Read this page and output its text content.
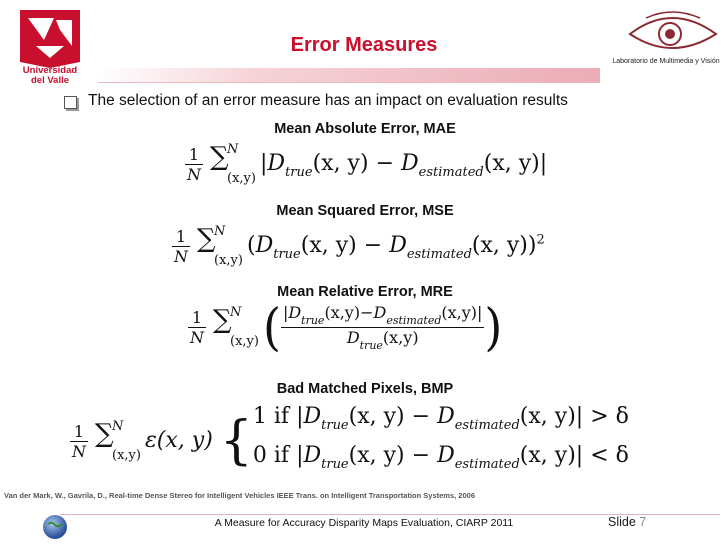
Universidad
del Valle
Laboratorio de Multimedia y Visión
Error Measures
The selection of an error measure has an impact on evaluation results
Mean Absolute Error, MAE
$\frac{1}{N}$ ∑
N
(x,y)
$|D_{true}(x$, $y) - D_{estimated}(x$, y)|
Mean Squared Error, MSE
$\frac{1}{N}$ ∑
N
(x,y)
($D_{true}(x$, $y) - D_{estimated}(x$, y))$^2$
Mean Relative Error, MRE
$\frac{1}{N}$ ∑
N
(x,y) ( $\frac{|D_{true}(x,y)-D_{estimated}(x,y)|}{D_{true}(x,y)}$ )
Bad Matched Pixels, BMP
$\frac{1}{N}$ ∑
N
(x,y)
ε(x, y) { 1 if $|D_{true}(x$, $y) - D_{estimated}(x$, y)| > δ
0 if $|D_{true}(x$, $y) - D_{estimated}(x$, y)| < δ
Van der Mark, W., Gavrila, D., Real-time Dense Stereo for Intelligent Vehicles IEEE Trans. on Intelligent Transportation Systems, 2006
A Measure for Accuracy Disparity Maps Evaluation, CIARP 2011	Slide 7
